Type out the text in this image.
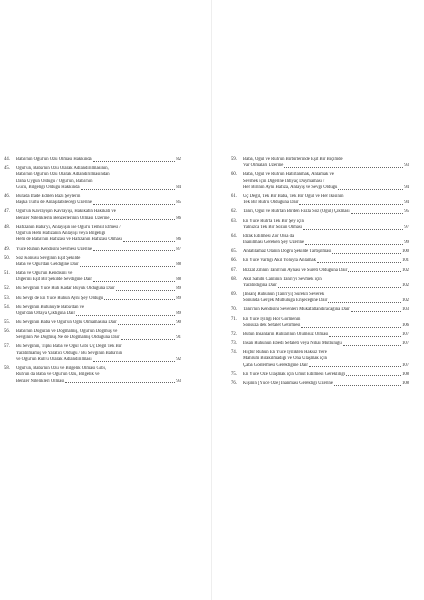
44.	Baba'nın Oğul'un Özü Olması Hakkında	82
45.	Oğul'un, Baba'nın Özü Olarak Adlandırılmasının,
Baba'nın Oğul'un Özü Olarak Adlandırılmasından
Daha Uygun Olduğu / Oğul'un, Baba'nın
Gücü, Bilgeliği Olduğu Hakkında	84
46.	Burada İfade Edilen Bazı Şeylerin
Başka Türlü de Anlaşılabileceği Üzerine	85
47.	Oğul'un Kavrayışın Kavrayışı, Hakikatin Hakikati ve
Benzer Niteliklerin Benzerlerinin Olması Üzerine	86
48.	Hafızanın Baba'yı, Anlayışın ise Oğul'u Temsil Etmesi /
Oğul'un Hem Hafızanın Anlayışı veya Bilgeliği
Hem de Baba'nın Hafızası ve Hafızanın Hafızası Olması	86
49.	Yüce Ruhun Kendisini Sevmesi Üzerine	87
50.	Söz Konusu Sevginin Eşit Şekilde
Baba ve Oğul'dan Geldiğine Dair	88
51.	Baba ve Oğul'un Kendisini ve
Diğerini Eşit Bir Şekilde Sevdiğine Dair	88
52.	Bu Sevginin Yüce Ruh Kadar Büyük Olduğuna Dair	89
53.	Bu Sevgi de En Yüce Ruhun Ayni Şey Olduğu	89
54.	Bu Sevginin Bütünüyle Baba'dan ve
Oğul'dan Ortaya Çıktığına Dair	89
55.	Bu Sevginin Baba ve Oğul'un Oğlu Olmamasına Dair	90
56.	Baba'nın Doğuran ve Doğmamış, Oğul'un Doğmuş ve
Sevginin Ne Doğmuş Ne de Doğmamış Olduğuna Dair	91
57.	Bu Sevginin, Tıpkı Baba ve Oğul Gibi Üç Değil Tek Bir
Yaratılmamış ve Yaratıcı Olduğu / Bu Sevginin Baba'nın
ve Oğul'un Ruh'u Olarak Adlandırılması	92
58.	Oğul'un, Baba'nın Özü ve Bilgelik Olması Gibi,
Ruh'un da Baba ve Oğul'un Özü, Bilgelik ve
Benzer Nitelikleri Olması	93
59.	Baba, Oğul ve Ruh'un Birbirlerinde Eşit Bir Biçimde
Var Olmaları Üzerine	93
60.	Baba, Oğul ve Ruh'un Hatırlanmak, Anlamak ve
Sevmek için Diğerine İhtiyaç Duymaması /
Her Birinin Aynı Hafıza, Anlayış ve Sevgi Olduğu	94
61.	Üç Değil, Tek Bir Baba, Tek Bir Oğul ve Her İkisinin
Tek Bir Ruh'u Olduğuna Dair	94
62.	Tanrı, Oğul ve Ruh'tan Birden Fazla Söz (Oğul) Çıkması	95
63.	En Yüce Ruh'ta Tek Bir Şey için
Yalnızca Tek Bir Sözün Olması	97
64.	İdrak Edilmesi Zor Olsa da
İnanılması Gereken Şey Üzerine	99
65.	Anlatılamaz Olanın Doğru Şekilde Tartışılması	100
66.	En Yüce Varlığı Akıl Yoluyla Anlamak	101
67.	Bizzat Zihnin Tanrı'nın Aynası ve Sureti Olduğuna Dair	102
68.	Akıl Sahibi Canlının Tanrı'yı Sevmek için
Yaratıldığına Dair	102
69.	[İnsan] Ruhunun [Tanrı'yı] Sürekli Severek
Sonunda Gerçek Mutluluğa Erişeceğine Dair	102
70.	Tanrı'nın Kendisini Sevenleri Mükâfatlandıracağına Dair	103
71.	En Yüce İyiliği Hor Görmenin
Sonsuza dek Sefalet Getirmesi	106
72.	Bütün İnsanların Ruhlarının Ölümsüz Olması	107
73.	İnsan Ruhunun Ebedi Sefaleti veya Nihai Mutluluğu	107
74.	Hiçbir Ruhun En Yüce İyilikten Haksız Yere
Mahrum Bırakılmadığı ve Ona Ulaşmak için
Çaba Göstermesi Gerektiğine Dair	107
75.	En Yüce Öze Ulaşmak için Umut Edilmesi Gerekliliği	108
76.	Kişinin [Yüce Öze] İnanması Gerektiği Üzerine	108
